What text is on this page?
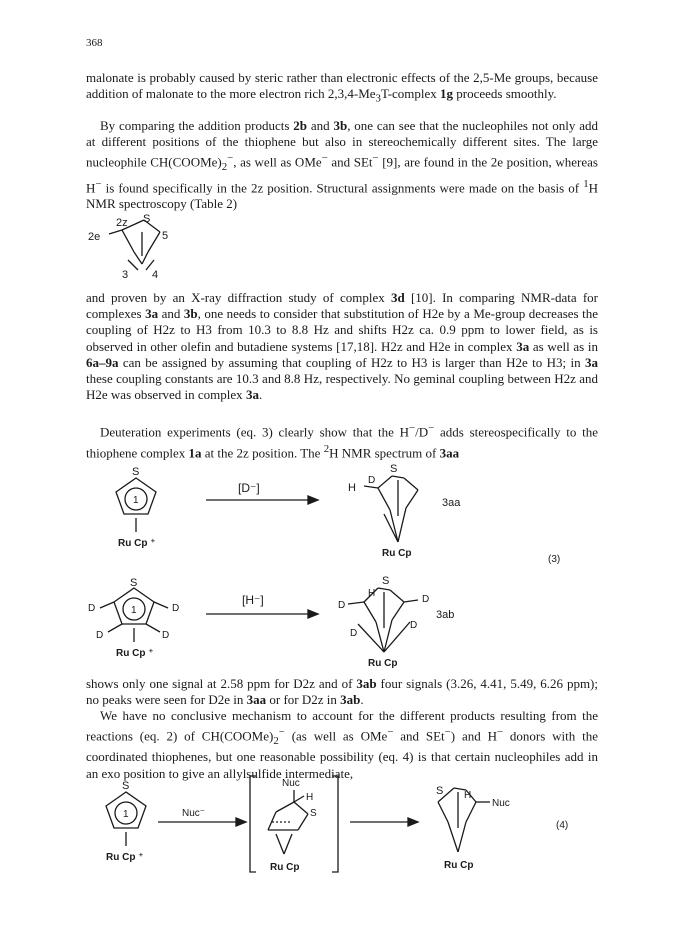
368

malonate is probably caused by steric rather than electronic effects of the 2,5-Me groups, because addition of malonate to the more electron rich $2,3,4-Me_3T$-complex 1g proceeds smoothly.

By comparing the addition products 2b and 3b, one can see that the nucleophiles not only add at different positions of the thiophene but also in stereochemically different sites. The large nucleophile $CH(COOMe)_2^-$, as well as OMe− and SEt− [9], are found in the 2e position, whereas H− is found specifically in the 2z position. Structural assignments were made on the basis of $^1$H NMR spectroscopy (Table 2)

2z S
2e	5
3 4

and proven by an X-ray diffraction study of complex 3d [10]. In comparing NMR-data for complexes 3a and 3b, one needs to consider that substitution of H2e by a Me-group decreases the coupling of H2z to H3 from 10.3 to 8.8 Hz and shifts H2z ca. 0.9 ppm to lower field, as is observed in other olefin and butadiene systems [17,18]. H2z and H2e in complex 3a as well as in 6a–9a can be assigned by assuming that coupling of H2z to H3 is larger than H2e to H3; in 3a these coupling constants are 10.3 and 8.8 Hz, respectively. No geminal coupling between H2z and H2e was observed in complex 3a.

Deuteration experiments (eq. 3) clearly show that the H−/D− adds stereospecifically to the thiophene complex 1a at the 2z position. The $^2$H NMR spectrum of 3aa

S
1
Ru Cp ⁺
[D⁻]	H
D
S
Ru Cp
3aa
S
1
D	D
D	D
Ru Cp ⁺
[H⁻]	D
H
S
D
D
D
Ru Cp
3ab
(3)

shows only one signal at 2.58 ppm for D2z and of 3ab four signals (3.26, 4.41, 5.49, 6.26 ppm); no peaks were seen for D2e in 3aa or for D2z in 3ab.

We have no conclusive mechanism to account for the different products resulting from the reactions (eq. 2) of $CH(COOMe)_2^-$ (as well as OMe− and SEt−) and H− donors with the coordinated thiophenes, but one reasonable possibility (eq. 4) is that certain nucleophiles add in an exo position to give an allylsulfide intermediate,

S
1
Ru Cp ⁺
Nuc⁻
Nuc
H
S
Ru Cp
S H
Nuc
Ru Cp
(4)
